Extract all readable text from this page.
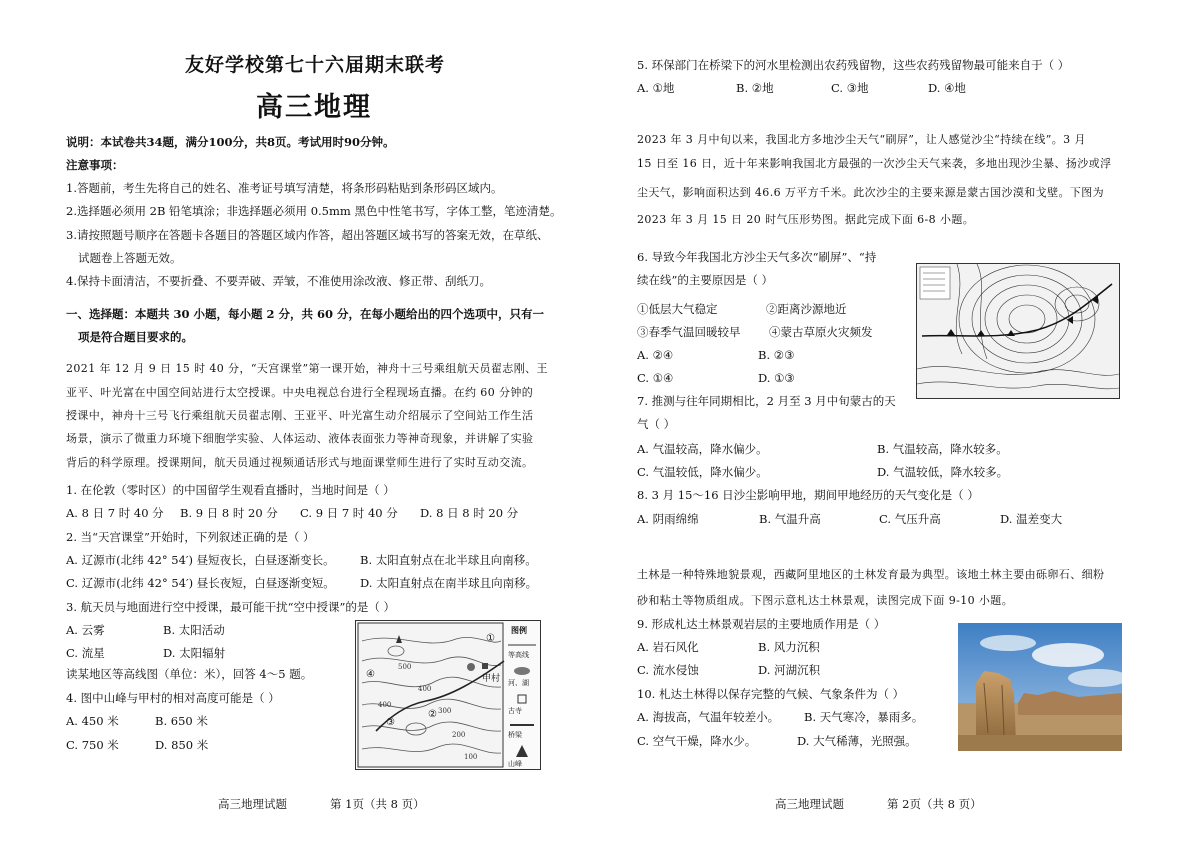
友好学校第七十六届期末联考
高三地理
说明：本试卷共34题，满分100分，共8页。考试用时90分钟。
注意事项：
1.答题前，考生先将自己的姓名、准考证号填写清楚，将条形码粘贴到条形码区域内。
2.选择题必须用 2B 铅笔填涂；非选择题必须用 0.5mm 黑色中性笔书写，字体工整，笔迹清楚。
3.请按照题号顺序在答题卡各题目的答题区域内作答，超出答题区域书写的答案无效，在草纸、
试题卷上答题无效。
4.保持卡面清洁，不要折叠、不要弄破、弄皱，不准使用涂改液、修正带、刮纸刀。
一、选择题：本题共 30 小题，每小题 2 分，共 60 分，在每小题给出的四个选项中，只有一
项是符合题目要求的。
2021 年 12 月 9 日 15 时 40 分，“天宫课堂”第一课开始，神舟十三号乘组航天员翟志刚、王
亚平、叶光富在中国空间站进行太空授课。中央电视总台进行全程现场直播。在约 60 分钟的
授课中，神舟十三号飞行乘组航天员翟志刚、王亚平、叶光富生动介绍展示了空间站工作生活
场景，演示了微重力环境下细胞学实验、人体运动、液体表面张力等神奇现象，并讲解了实验
背后的科学原理。授课期间，航天员通过视频通话形式与地面课堂师生进行了实时互动交流。
1. 在伦敦（零时区）的中国留学生观看直播时，当地时间是（ ）
A. 8 日 7 时 40 分 B. 9 日 8 时 20 分 C. 9 日 7 时 40 分 D. 8 日 8 时 20 分
2. 当“天宫课堂”开始时，下列叙述正确的是（ ）
A. 辽源市(北纬 42° 54′) 昼短夜长，白昼逐渐变长。 B. 太阳直射点在北半球且向南移。
C. 辽源市(北纬 42° 54′) 昼长夜短，白昼逐渐变短。 D. 太阳直射点在南半球且向南移。
3. 航天员与地面进行空中授课，最可能干扰“空中授课”的是（ ）
A. 云雾	B. 太阳活动
C. 流星	D. 太阳辐射
读某地区等高线图（单位：米），回答 4～5 题。
4. 图中山峰与甲村的相对高度可能是（ ）
A. 450 米	B. 650 米
C. 750 米	D. 850 米
①
④
③
②
甲村
500
400
300
200
100
400
图例
等高线
河、湖
古寺
桥梁
山峰
高三地理试题	第 1页（共 8 页）
5. 环保部门在桥梁下的河水里检测出农药残留物，这些农药残留物最可能来自于（ ）
A. ①地	B. ②地	C. ③地	D. ④地
2023 年 3 月中旬以来，我国北方多地沙尘天气“刷屏”，让人感觉沙尘“持续在线”。3 月
15 日至 16 日，近十年来影响我国北方最强的一次沙尘天气来袭，多地出现沙尘暴、扬沙或浮
尘天气，影响面积达到 46.6 万平方千米。此次沙尘的主要来源是蒙古国沙漠和戈壁。下图为
2023 年 3 月 15 日 20 时气压形势图。据此完成下面 6-8 小题。
6. 导致今年我国北方沙尘天气多次“刷屏”、“持
续在线”的主要原因是（ ）
①低层大气稳定	②距离沙源地近
③春季气温回暖较早 ④蒙古草原火灾频发
A. ②④	B. ②③
C. ①④	D. ①③
7. 推测与往年同期相比，2 月至 3 月中旬蒙古的天
气（ ）
A. 气温较高，降水偏少。	B. 气温较高，降水较多。
C. 气温较低，降水偏少。	D. 气温较低，降水较多。
8. 3 月 15～16 日沙尘影响甲地，期间甲地经历的天气变化是（ ）
A. 阴雨绵绵	B. 气温升高	C. 气压升高	D. 温差变大
土林是一种特殊地貌景观，西藏阿里地区的土林发育最为典型。该地土林主要由砾卵石、细粉
砂和粘土等物质组成。下图示意札达土林景观，读图完成下面 9-10 小题。
9. 形成札达土林景观岩层的主要地质作用是（ ）
A. 岩石风化	B. 风力沉积
C. 流水侵蚀	D. 河湖沉积
10. 札达土林得以保存完整的气候、气象条件为（ ）
A. 海拔高，气温年较差小。 B. 天气寒冷，暴雨多。
C. 空气干燥，降水少。	D. 大气稀薄，光照强。
高三地理试题	第 2页（共 8 页）
